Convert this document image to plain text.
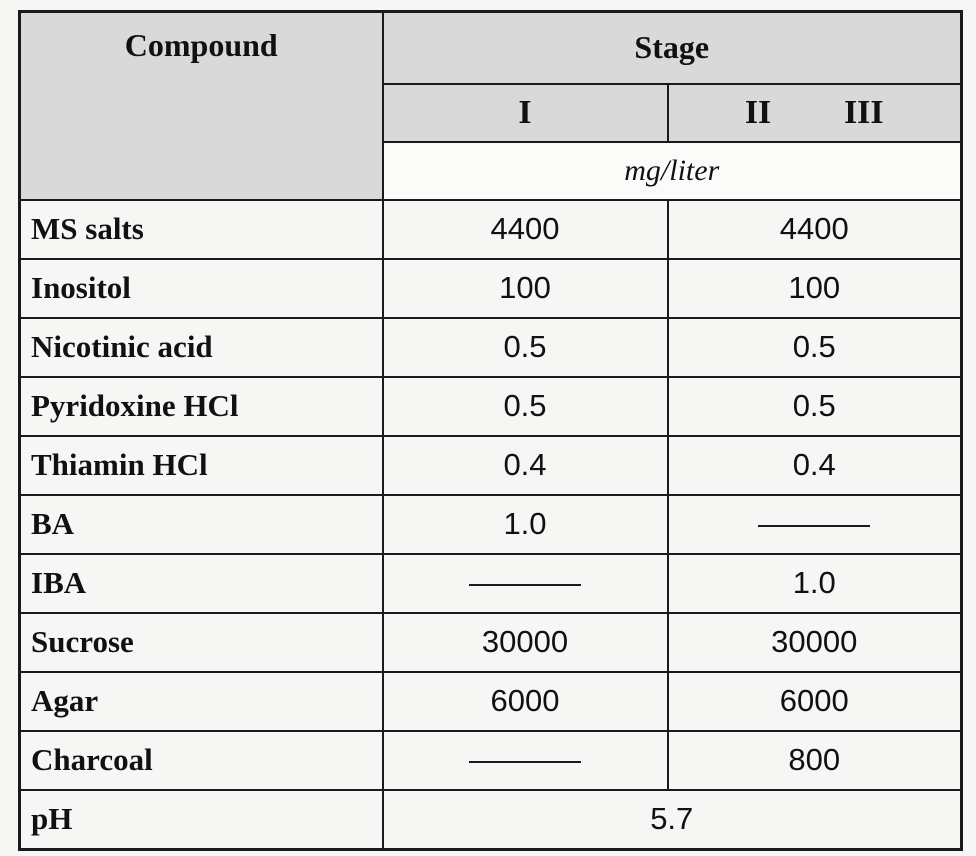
Compound	Stage	
	I	II III

	mg/liter	
MS salts	4400	4400
Inositol	100	100
Nicotinic acid	0.5	0.5
Pyridoxine HCl	0.5	0.5
Thiamin HCl	0.4	0.4
BA	1.0	
IBA		1.0
Sucrose	30000	30000
Agar	6000	6000
Charcoal		800
pH	5.7	
